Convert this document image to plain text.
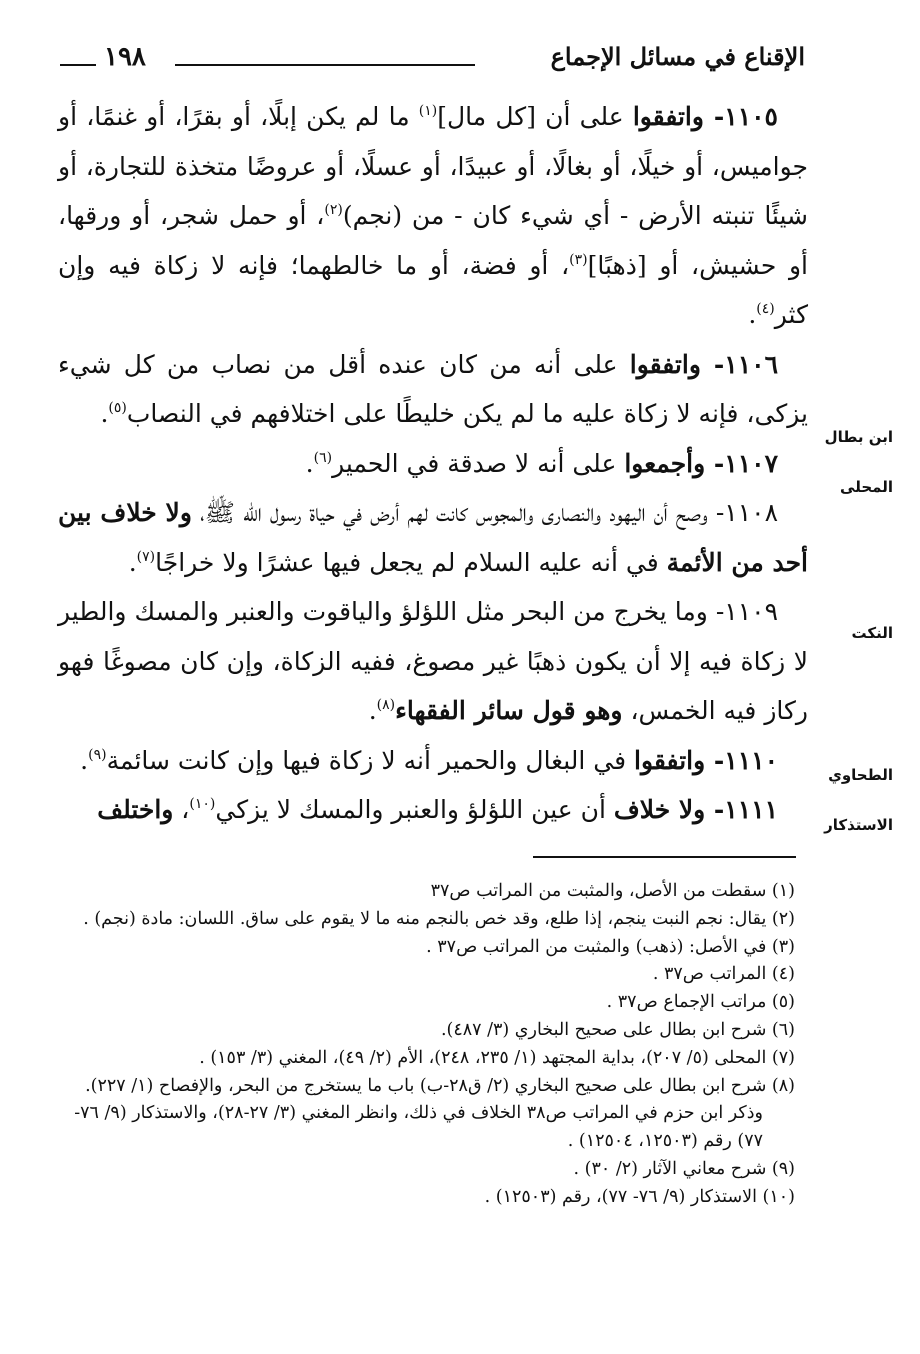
الإقناع في مسائل الإجماع
١٩٨
ابن بطال
المحلى
النكت
الطحاوي
الاستذكار

١١٠٥- واتفقوا على أن [كل مال]$^{(١)}$ ما لم يكن إبلًا، أو بقرًا، أو غنمًا، أو جواميس، أو خيلًا، أو بغالًا، أو عبيدًا، أو عسلًا، أو عروضًا متخذة للتجارة، أو شيئًا تنبته الأرض - أي شيء كان - من (نجم)$^{(٢)}$، أو حمل شجر، أو ورقها، أو حشيش، أو [ذهبًا]$^{(٣)}$، أو فضة، أو ما خالطهما؛ فإنه لا زكاة فيه وإن كثر$^{(٤)}$.

١١٠٦- واتفقوا على أنه من كان عنده أقل من نصاب من كل شيء يزكى، فإنه لا زكاة عليه ما لم يكن خليطًا على اختلافهم في النصاب$^{(٥)}$.

١١٠٧- وأجمعوا على أنه لا صدقة في الحمير$^{(٦)}$.

١١٠٨- وصح أن اليهود والنصارى والمجوس كانت لهم أرض في حياة رسول الله ﷺ، ولا خلاف بين أحد من الأئمة في أنه عليه السلام لم يجعل فيها عشرًا ولا خراجًا$^{(٧)}$.

١١٠٩- وما يخرج من البحر مثل اللؤلؤ والياقوت والعنبر والمسك والطير لا زكاة فيه إلا أن يكون ذهبًا غير مصوغ، ففيه الزكاة، وإن كان مصوغًا فهو ركاز فيه الخمس، وهو قول سائر الفقهاء$^{(٨)}$.

١١١٠- واتفقوا في البغال والحمير أنه لا زكاة فيها وإن كانت سائمة$^{(٩)}$.

١١١١- ولا خلاف أن عين اللؤلؤ والعنبر والمسك لا يزكي$^{(١٠)}$، واختلف

(١) سقطت من الأصل، والمثبت من المراتب ص٣٧

(٢) يقال: نجم النبت ينجم، إذا طلع، وقد خص بالنجم منه ما لا يقوم على ساق. اللسان: مادة (نجم) .

(٣) في الأصل: (ذهب) والمثبت من المراتب ص٣٧ .

(٤) المراتب ص٣٧ .

(٥) مراتب الإجماع ص٣٧ .

(٦) شرح ابن بطال على صحيح البخاري (٣/ ٤٨٧).

(٧) المحلى (٥/ ٢٠٧)، بداية المجتهد (١/ ٢٣٥، ٢٤٨)، الأم (٢/ ٤٩)، المغني (٣/ ١٥٣) .

(٨) شرح ابن بطال على صحيح البخاري (٢/ ق٢٨-ب) باب ما يستخرج من البحر، والإفصاح (١/ ٢٢٧). وذكر ابن حزم في المراتب ص٣٨ الخلاف في ذلك، وانظر المغني (٣/ ٢٧-٢٨)، والاستذكار (٩/ ٧٦- ٧٧) رقم (١٢٥٠٣، ١٢٥٠٤) .

(٩) شرح معاني الآثار (٢/ ٣٠) .

(١٠) الاستذكار (٩/ ٧٦- ٧٧)، رقم (١٢٥٠٣) .
